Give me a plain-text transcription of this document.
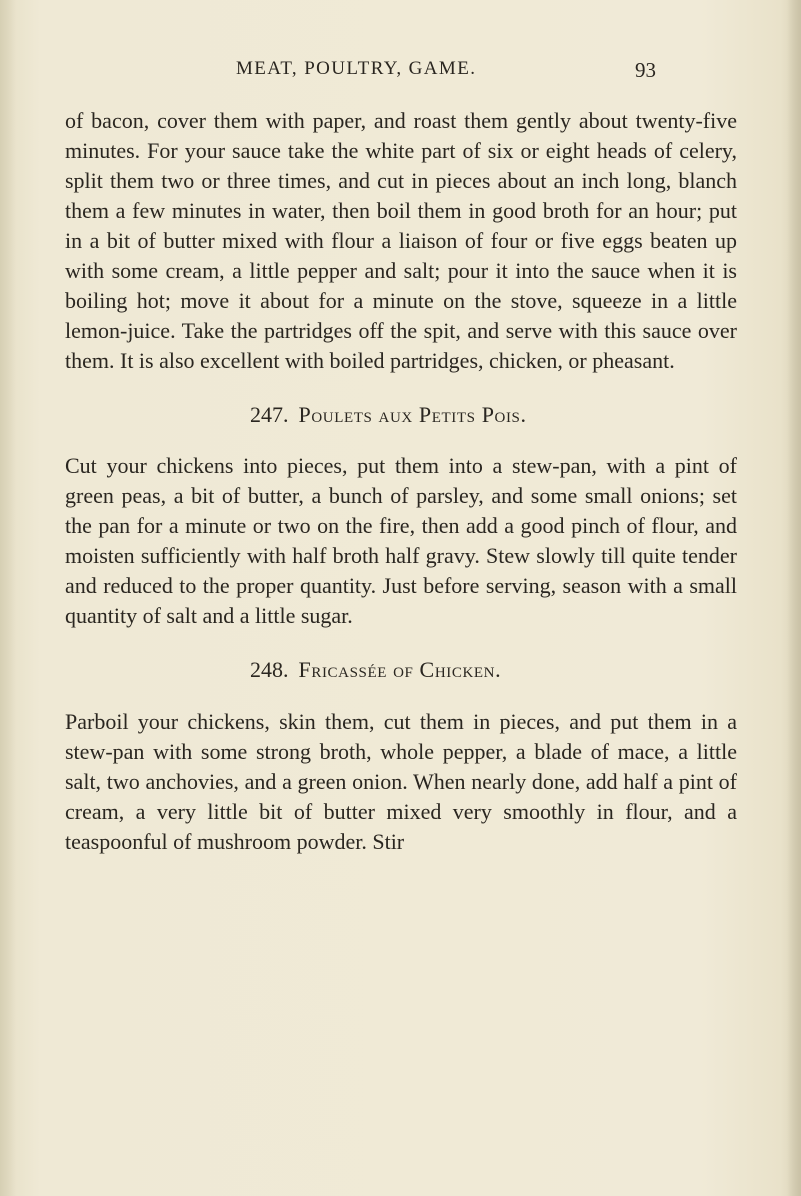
MEAT, POULTRY, GAME.	93

of bacon, cover them with paper, and roast them gently about twenty-five minutes. For your sauce take the white part of six or eight heads of celery, split them two or three times, and cut in pieces about an inch long, blanch them a few minutes in water, then boil them in good broth for an hour; put in a bit of butter mixed with flour a liaison of four or five eggs beaten up with some cream, a little pepper and salt; pour it into the sauce when it is boiling hot; move it about for a minute on the stove, squeeze in a little lemon-juice. Take the partridges off the spit, and serve with this sauce over them. It is also excellent with boiled partridges, chicken, or pheasant.

247. Poulets aux Petits Pois.

Cut your chickens into pieces, put them into a stew-pan, with a pint of green peas, a bit of butter, a bunch of parsley, and some small onions; set the pan for a minute or two on the fire, then add a good pinch of flour, and moisten sufficiently with half broth half gravy. Stew slowly till quite tender and reduced to the proper quantity. Just before serving, season with a small quantity of salt and a little sugar.

248. Fricassée of Chicken.

Parboil your chickens, skin them, cut them in pieces, and put them in a stew-pan with some strong broth, whole pepper, a blade of mace, a little salt, two anchovies, and a green onion. When nearly done, add half a pint of cream, a very little bit of butter mixed very smoothly in flour, and a teaspoonful of mushroom powder. Stir
